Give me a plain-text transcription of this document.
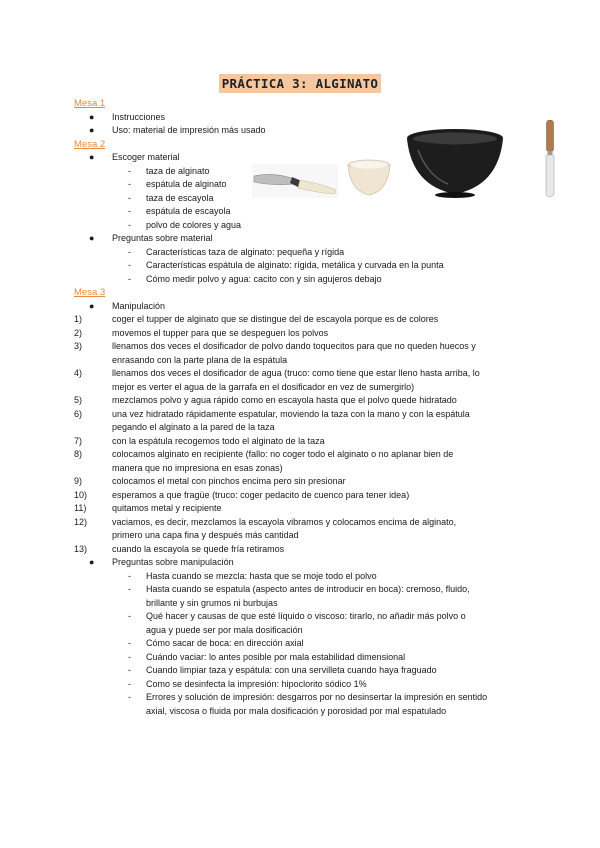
PRÁCTICA 3: ALGINATO
Mesa 1
● Instrucciones
● Uso: material de impresión más usado
Mesa 2
● Escoger material
- taza de alginato
- espátula de alginato
- taza de escayola
- espátula de escayola
- polvo de colores y agua
● Preguntas sobre material
- Características taza de alginato: pequeña y rígida
- Características espátula de alginato: rígida, metálica y curvada en la punta
- Cómo medir polvo y agua: cacito con y sin agujeros debajo
Mesa 3
● Manipulación
1)	coger el tupper de alginato que se distingue del de escayola porque es de colores
2)	movemos el tupper para que se despeguen los polvos
3)	llenamos dos veces el dosificador de polvo dando toquecitos para que no queden huecos y
enrasando con la parte plana de la espátula
4)	llenamos dos veces el dosificador de agua (truco: como tiene que estar lleno hasta arriba, lo
mejor es verter el agua de la garrafa en el dosificador en vez de sumergirlo)
5)	mezclamos polvo y agua rápido como en escayola hasta que el polvo quede hidratado
6)	una vez hidratado rápidamente espatular, moviendo la taza con la mano y con la espátula
pegando el alginato a la pared de la taza
7)	con la espátula recogemos todo el alginato de la taza
8)	colocamos alginato en recipiente (fallo: no coger todo el alginato o no aplanar bien de
manera que no impresiona en esas zonas)
9)	colocamos el metal con pinchos encima pero sin presionar
10)	esperamos a que fragüe (truco: coger pedacito de cuenco para tener idea)
11)	quitamos metal y recipiente
12)	vaciamos, es decir, mezclamos la escayola vibramos y colocamos encima de alginato,
primero una capa fina y después más cantidad
13)	cuando la escayola se quede fría retiramos
● Preguntas sobre manipulación
- Hasta cuando se mezcla: hasta que se moje todo el polvo
- Hasta cuando se espatula (aspecto antes de introducir en boca): cremoso, fluido,
brillante y sin grumos ni burbujas
- Qué hacer y causas de que esté líquido o viscoso: tirarlo, no añadir más polvo o
agua y puede ser por mala dosificación
- Cómo sacar de boca: en dirección axial
- Cuándo vaciar: lo antes posible por mala estabilidad dimensional
- Cuando limpiar taza y espátula: con una servilleta cuando haya fraguado
- Como se desinfecta la impresión: hipoclorito sódico 1%
- Errores y solución de impresión: desgarros por no desinsertar la impresión en sentido
axial, viscosa o fluida por mala dosificación y porosidad por mal espatulado
